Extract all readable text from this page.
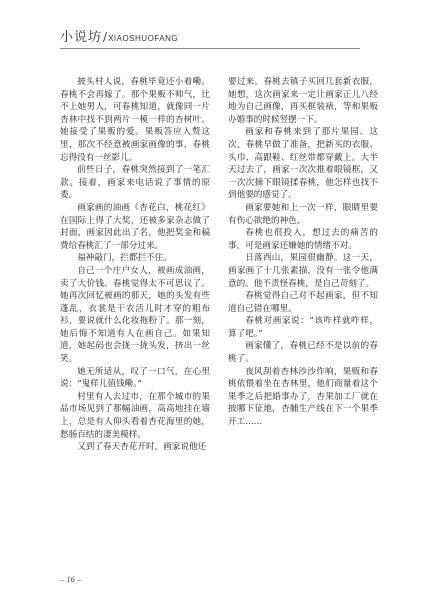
小说坊/XIAOSHUOFANG

披头村人说，春桃毕竟还小着嘞。春桃不会再嫁了。那个果贩不帅气，比不上她男人，可春桃知道，就像同一片杏林中找不到两片一模一样的杏树叶。她接受了果贩的爱。果贩答应入赘这里，那次不经意被画家画像的事，春桃忘得没有一丝影儿。

前些日子，春桃突然接到了一笔汇款。接着，画家来电话说了事情的原委。

画家画的油画《杏花白，桃花红》在国际上得了大奖，还被多家杂志做了封面，画家因此出了名，他把奖金和稿费给春桃汇了一部分过来。

福神敲门，拦都拦不住。

自己一个庄户女人，被画成油画，卖了大价钱。春桃觉得太不可思议了。她再次回忆被画的那天，她的头发有些蓬乱，衣裳是干农活儿时才穿的粗布衫，要说就什么化妆拖粉了。那一刻，她后悔不知道有人在画自己。如果知道，她起码也会拢一拢头发，挤出一丝笑。

她无所适从，叹了一口气，在心里说：“鬼样儿值钱嘞。”

村里有人去过市，在那个城市的果品市场见到了那幅油画，高高地挂在墙上，总是有人仰头看着杏花海里的她，愁肠百结的凄美模样。

又到了春天杏花开时，画家说他还

要过来。春桃去镇子买回几套新衣服，她想，这次画家来一定让画家正儿八经地为自己画像，再买框装裱，等和果贩办婚事的时候竖摆一下。

画家和春桃来到了那片果园。这次，春桃早做了准备，把新买的衣服、头巾、高跟鞋、红丝带都穿戴上。大半天过去了，画家一次次推着眼镜框，又一次次摘下眼镜揉春桃，他怎样也找不到他要的感觉了。

画家要她和上一次一样，眼睛里要有伤心欲绝的神色。

春桃也很投入，想过去的痛苦的事，可是画家还嫌她的情绪不对。

日落西山，果园很幽静。这一天，画家画了十几张素描，没有一张令他满意的。他不责怪春桃，是自己苛刻了。

春桃觉得自己对不起画家，但不知道自己错在哪里。

春桃对画家说：“该咋样就咋样，算了吧。”

画家懂了，春桃已经不是以前的春桃了。

夜风刮着杏林沙沙作响，果贩和春桃依偎着坐在杏林里，他们商量着这个果季之后把婚事办了，杏果加工厂就在披哪下征地，杏脯生产线在下一个果季开工……

– 16 –
